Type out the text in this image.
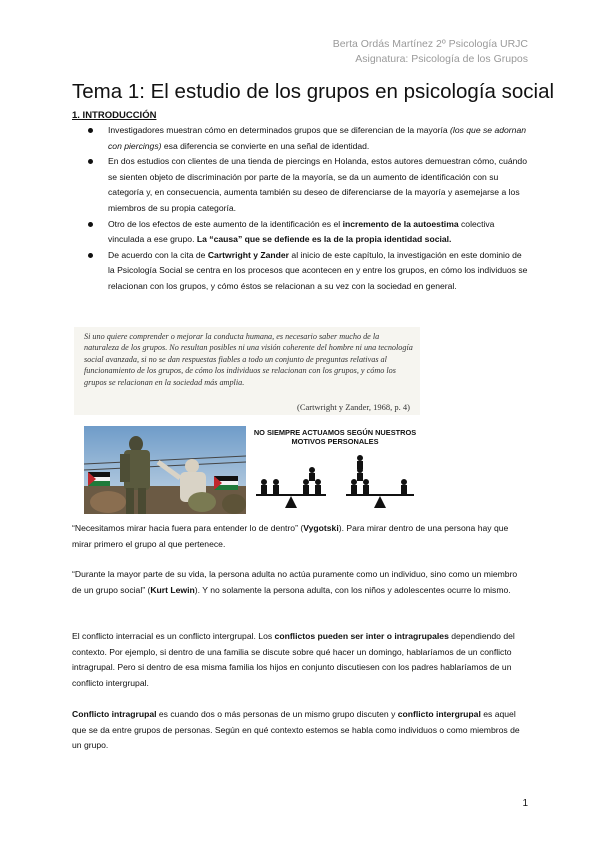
Berta Ordás Martínez 2º Psicología URJC
Asignatura: Psicología de los Grupos
Tema 1: El estudio de los grupos en psicología social
1. INTRODUCCIÓN
Investigadores muestran cómo en determinados grupos que se diferencian de la mayoría (los que se adornan con piercings) esa diferencia se convierte en una señal de identidad.
En dos estudios con clientes de una tienda de piercings en Holanda, estos autores demuestran cómo, cuándo se sienten objeto de discriminación por parte de la mayoría, se da un aumento de identificación con su categoría y, en consecuencia, aumenta también su deseo de diferenciarse de la mayoría y asemejarse a los miembros de su propia categoría.
Otro de los efectos de este aumento de la identificación es el incremento de la autoestima colectiva vinculada a ese grupo. La “causa” que se defiende es la de la propia identidad social.
De acuerdo con la cita de Cartwright y Zander al inicio de este capítulo, la investigación en este dominio de la Psicología Social se centra en los procesos que acontecen en y entre los grupos, en cómo los individuos se relacionan con los grupos, y cómo éstos se relacionan a su vez con la sociedad en general.

Si uno quiere comprender o mejorar la conducta humana, es necesario saber mucho de la naturaleza de los grupos. No resultan posibles ni una visión coherente del hombre ni una tecnología social avanzada, si no se dan respuestas fiables a todo un conjunto de preguntas relativas al funcionamiento de los grupos, de cómo los individuos se relacionan con los grupos, y cómo los grupos se relacionan en la sociedad más amplia.

(Cartwright y Zander, 1968, p. 4)
NO SIEMPRE ACTUAMOS SEGÚN NUESTROS
MOTIVOS PERSONALES

“Necesitamos mirar hacia fuera para entender lo de dentro” (Vygotski). Para mirar dentro de una persona hay que mirar primero el grupo al que pertenece.

“Durante la mayor parte de su vida, la persona adulta no actúa puramente como un individuo, sino como un miembro de un grupo social” (Kurt Lewin). Y no solamente la persona adulta, con los niños y adolescentes ocurre lo mismo.

El conflicto interracial es un conflicto intergrupal. Los conflictos pueden ser inter o intragrupales dependiendo del contexto. Por ejemplo, si dentro de una familia se discute sobre qué hacer un domingo, hablaríamos de un conflicto intragrupal. Pero si dentro de esa misma familia los hijos en conjunto discutiesen con los padres hablaríamos de un conflicto intergrupal.

Conflicto intragrupal es cuando dos o más personas de un mismo grupo discuten y conflicto intergrupal es aquel que se da entre grupos de personas. Según en qué contexto estemos se habla como individuos o como miembros de un grupo.

1
